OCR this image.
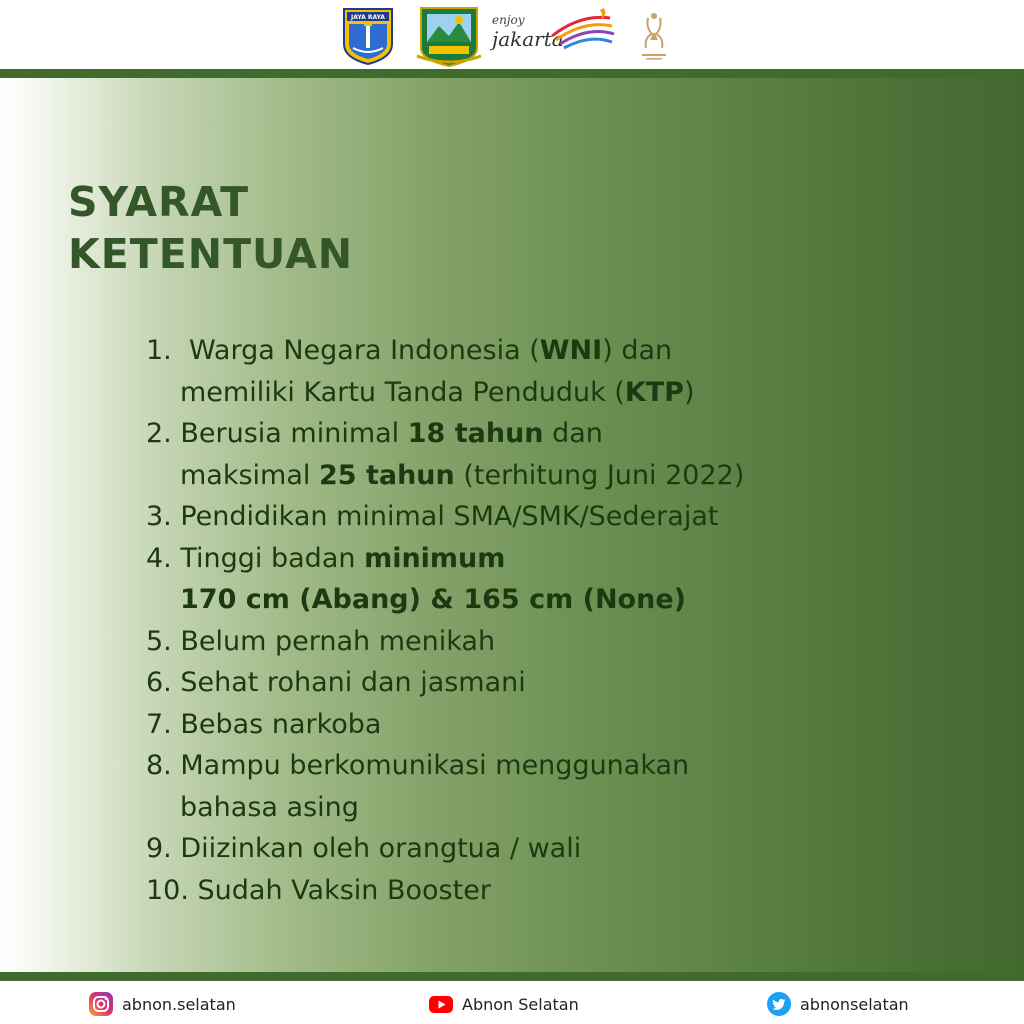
JAYA RAYA	enjoy
jakarta
SYARAT
KETENTUAN
1. Warga Negara Indonesia (WNI) dan
memiliki Kartu Tanda Penduduk (KTP)
2. Berusia minimal 18 tahun dan
maksimal 25 tahun (terhitung Juni 2022)
3. Pendidikan minimal SMA/SMK/Sederajat
4. Tinggi badan minimum
170 cm (Abang) & 165 cm (None)
5. Belum pernah menikah
6. Sehat rohani dan jasmani
7. Bebas narkoba
8. Mampu berkomunikasi menggunakan
bahasa asing
9. Diizinkan oleh orangtua / wali
10. Sudah Vaksin Booster
abnon.selatan	Abnon Selatan	abnonselatan
